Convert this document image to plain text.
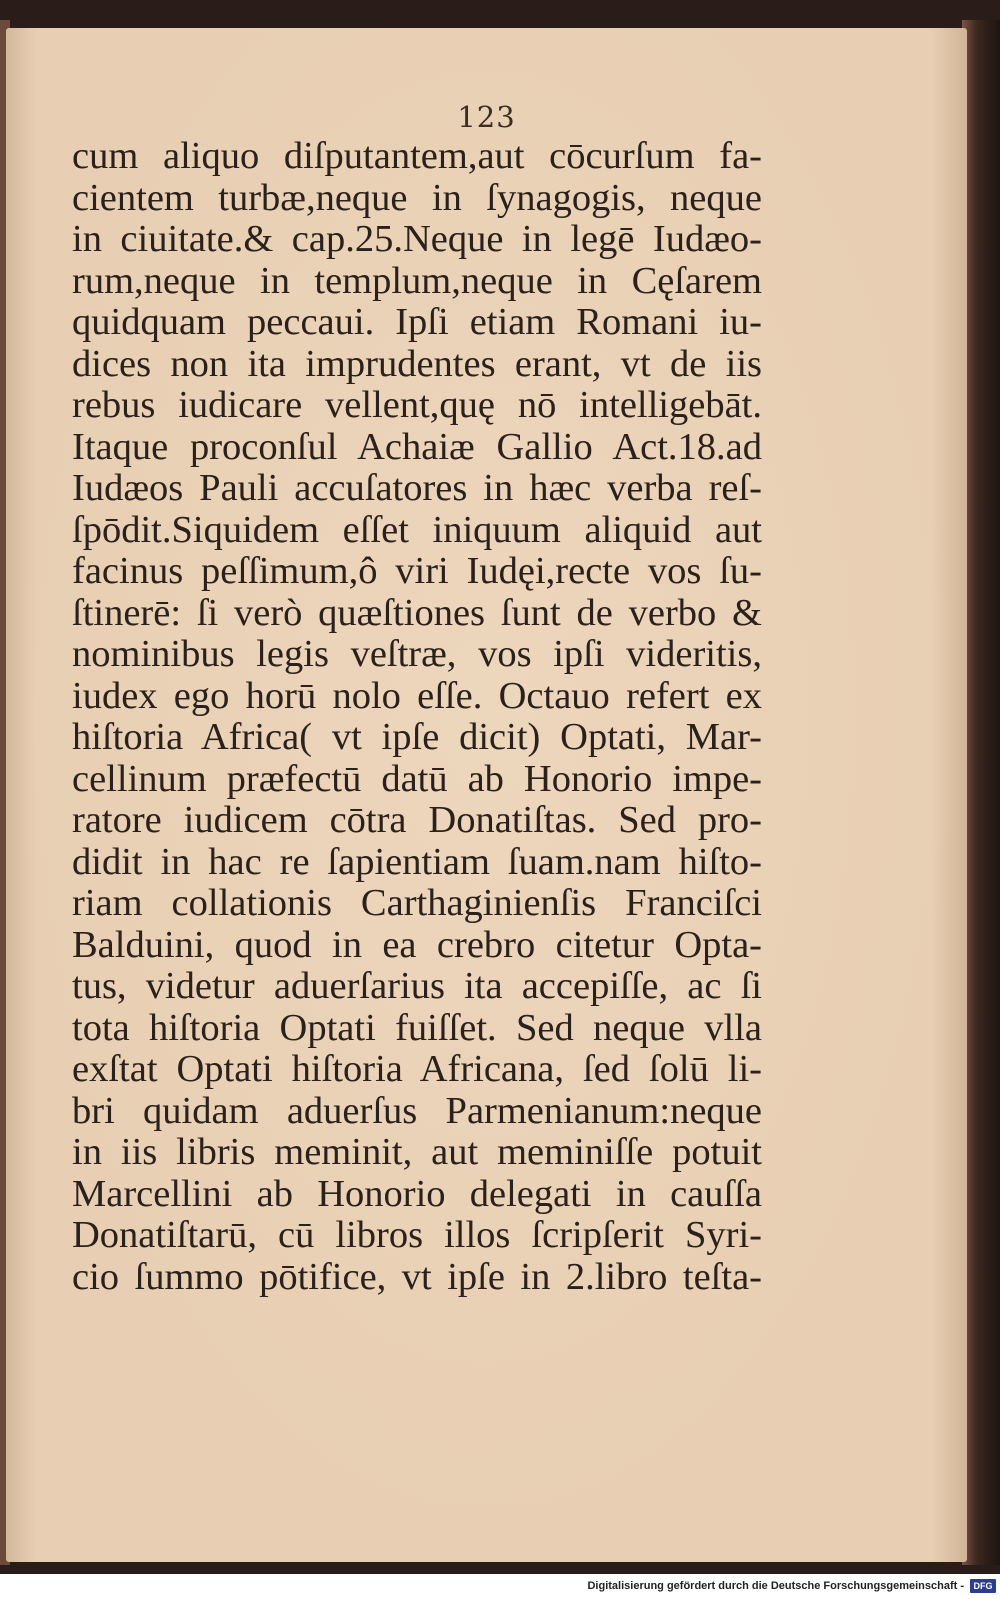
123
cum aliquo diſputantem,aut cōcurſum fa-
cientem turbæ,neque in ſynagogis, neque
in ciuitate.& cap.25.Neque in legē Iudæo-
rum,neque in templum,neque in Cęſarem
quidquam peccaui. Ipſi etiam Romani iu-
dices non ita imprudentes erant, vt de iis
rebus iudicare vellent,quę nō intelligebāt.
Itaque proconſul Achaiæ Gallio Act.18.ad
Iudæos Pauli accuſatores in hæc verba reſ-
ſpōdit.Siquidem eſſet iniquum aliquid aut
facinus peſſimum,ô viri Iudęi,recte vos ſu-
ſtinerē: ſi verò quæſtiones ſunt de verbo &
nominibus legis veſtræ, vos ipſi videritis,
iudex ego horū nolo eſſe. Octauo refert ex
hiſtoria Africa( vt ipſe dicit) Optati, Mar-
cellinum præfectū datū ab Honorio impe-
ratore iudicem cōtra Donatiſtas. Sed pro-
didit in hac re ſapientiam ſuam.nam hiſto-
riam collationis Carthaginienſis Franciſci
Balduini, quod in ea crebro citetur Opta-
tus, videtur aduerſarius ita accepiſſe, ac ſi
tota hiſtoria Optati fuiſſet. Sed neque vlla
exſtat Optati hiſtoria Africana, ſed ſolū li-
bri quidam aduerſus Parmenianum:neque
in iis libris meminit, aut meminiſſe potuit
Marcellini ab Honorio delegati in cauſſa
Donatiſtarū, cū libros illos ſcripſerit Syri-
cio ſummo pōtifice, vt ipſe in 2.libro teſta-
Digitalisierung gefördert durch die Deutsche Forschungsgemeinschaft -	DFG
